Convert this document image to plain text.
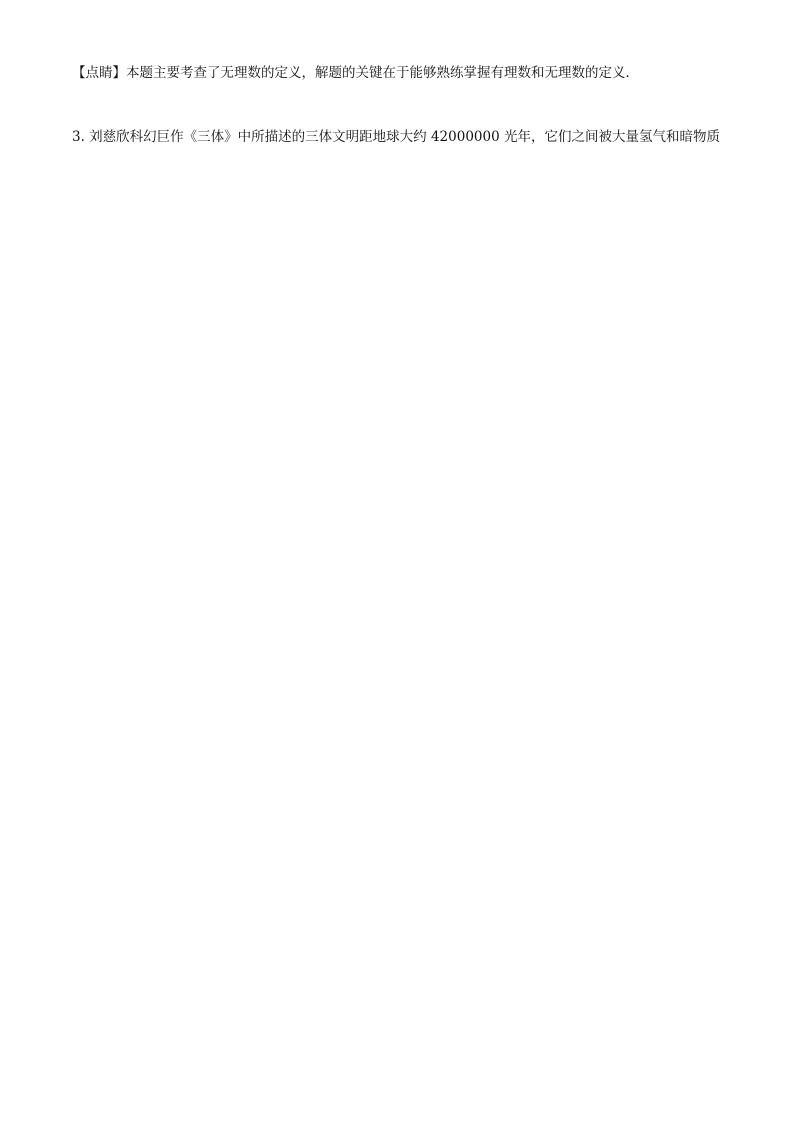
【点睛】本题主要考查了无理数的定义，解题的关键在于能够熟练掌握有理数和无理数的定义．
3. 刘慈欣科幻巨作《三体》中所描述的三体文明距地球大约 42000000 光年，它们之间被大量氢气和暗物质
